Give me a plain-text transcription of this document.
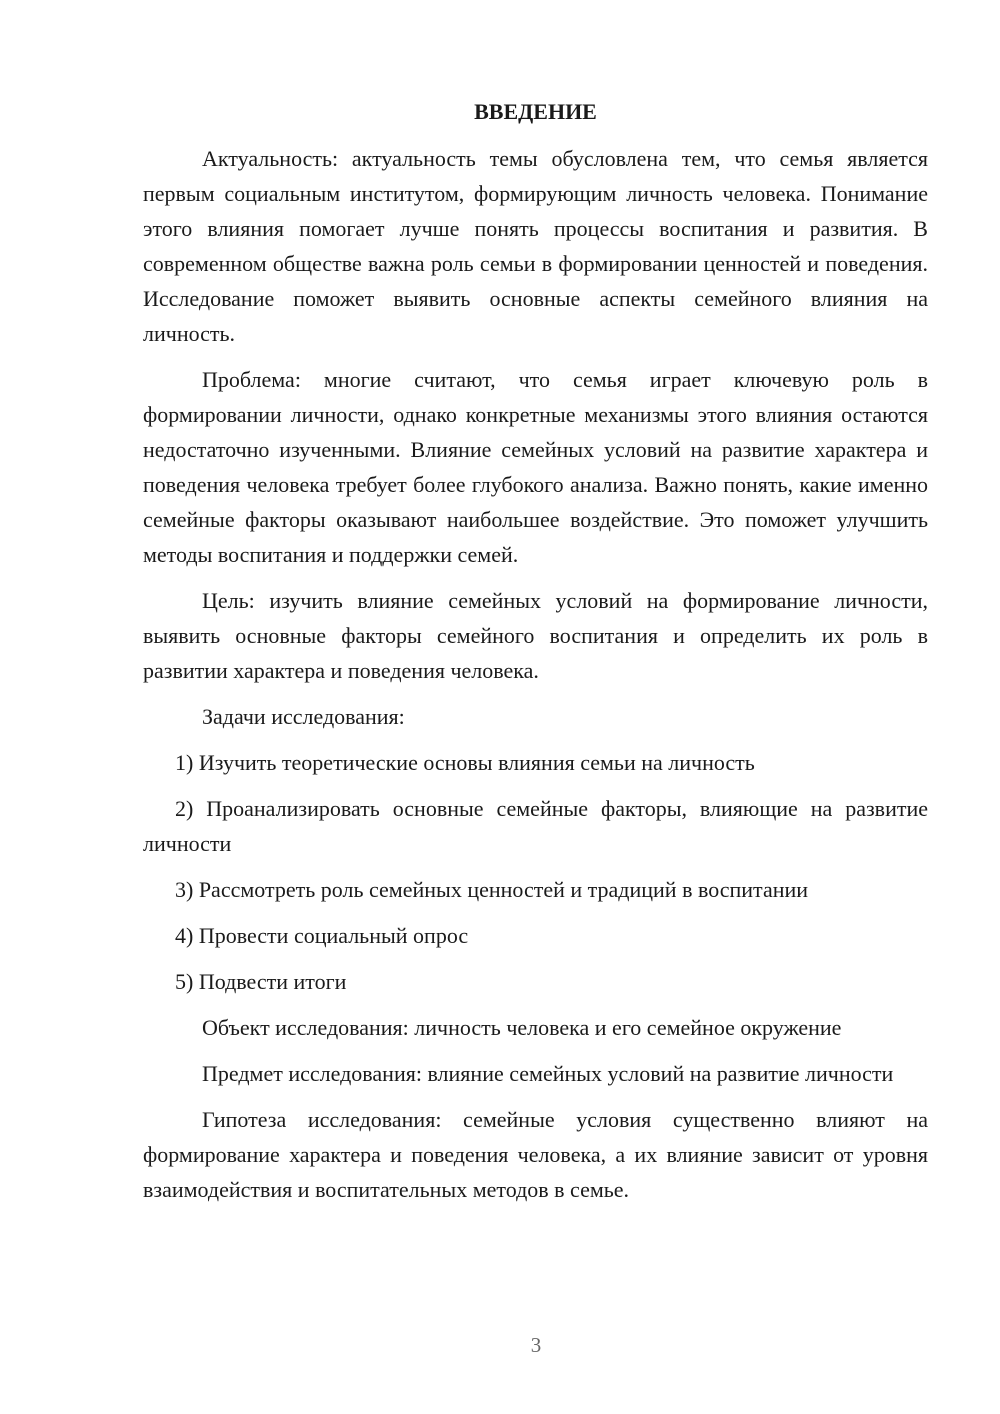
ВВЕДЕНИЕ

Актуальность: актуальность темы обусловлена тем, что семья является первым социальным институтом, формирующим личность человека. Понимание этого влияния помогает лучше понять процессы воспитания и развития. В современном обществе важна роль семьи в формировании ценностей и поведения. Исследование поможет выявить основные аспекты семейного влияния на личность.

Проблема: многие считают, что семья играет ключевую роль в формировании личности, однако конкретные механизмы этого влияния остаются недостаточно изученными. Влияние семейных условий на развитие характера и поведения человека требует более глубокого анализа. Важно понять, какие именно семейные факторы оказывают наибольшее воздействие. Это поможет улучшить методы воспитания и поддержки семей.

Цель: изучить влияние семейных условий на формирование личности, выявить основные факторы семейного воспитания и определить их роль в развитии характера и поведения человека.

Задачи исследования:

1) Изучить теоретические основы влияния семьи на личность

2) Проанализировать основные семейные факторы, влияющие на развитие личности

3) Рассмотреть роль семейных ценностей и традиций в воспитании

4) Провести социальный опрос

5) Подвести итоги

Объект исследования: личность человека и его семейное окружение

Предмет исследования: влияние семейных условий на развитие личности

Гипотеза исследования: семейные условия существенно влияют на формирование характера и поведения человека, а их влияние зависит от уровня взаимодействия и воспитательных методов в семье.

3
